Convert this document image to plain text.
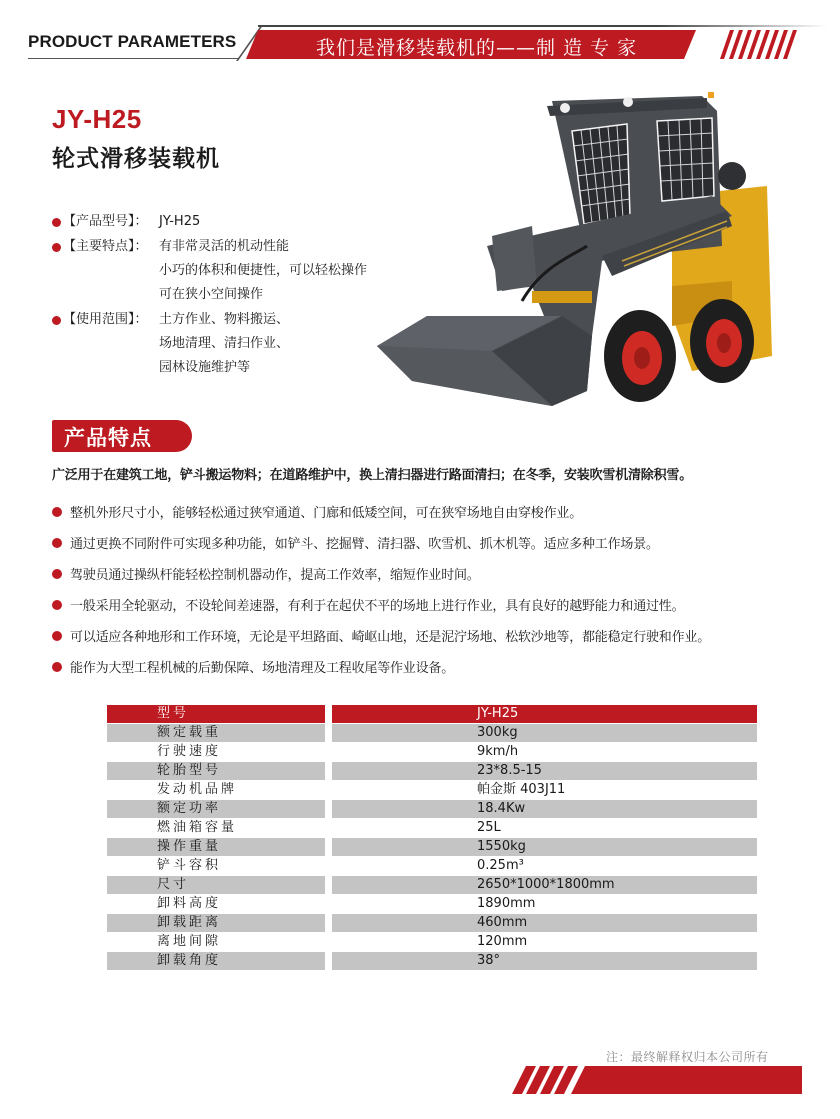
PRODUCT PARAMETERS	我们是滑移装载机的——制 造 专 家
JY-H25
轮式滑移装载机
【产品型号】： JY-H25
【主要特点】： 有非常灵活的机动性能
小巧的体积和便捷性，可以轻松操作
可在狭小空间操作
【使用范围】： 土方作业、物料搬运、
场地清理、清扫作业、
园林设施维护等
产品特点
广泛用于在建筑工地，铲斗搬运物料；在道路维护中，换上清扫器进行路面清扫；在冬季，安装吹雪机清除积雪。
整机外形尺寸小，能够轻松通过狭窄通道、门廊和低矮空间，可在狭窄场地自由穿梭作业。
通过更换不同附件可实现多种功能，如铲斗、挖掘臂、清扫器、吹雪机、抓木机等。适应多种工作场景。
驾驶员通过操纵杆能轻松控制机器动作，提高工作效率，缩短作业时间。
一般采用全轮驱动，不设轮间差速器，有利于在起伏不平的场地上进行作业，具有良好的越野能力和通过性。
可以适应各种地形和工作环境，无论是平坦路面、崎岖山地，还是泥泞场地、松软沙地等，都能稳定行驶和作业。
能作为大型工程机械的后勤保障、场地清理及工程收尾等作业设备。
型号	JY-H25
额定载重	300kg
行驶速度	9km/h
轮胎型号	23*8.5-15
发动机品牌	帕金斯 403J11
额定功率	18.4Kw
燃油箱容量	25L
操作重量	1550kg
铲斗容积	0.25m³
尺寸	2650*1000*1800mm
卸料高度	1890mm
卸载距离	460mm
离地间隙	120mm
卸载角度	38°
注：最终解释权归本公司所有
